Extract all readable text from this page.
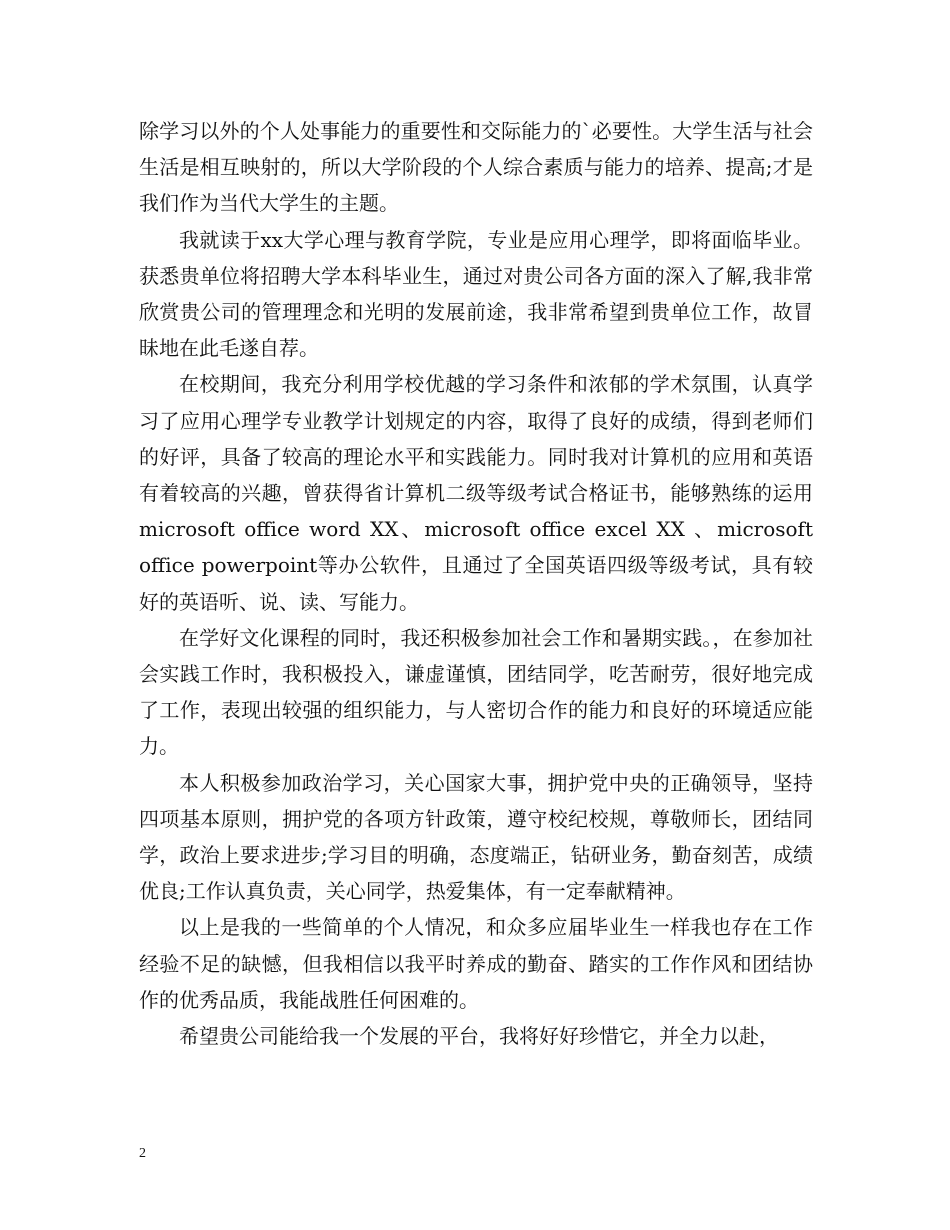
除学习以外的个人处事能力的重要性和交际能力的`必要性。大学生活与社会生活是相互映射的，所以大学阶段的个人综合素质与能力的培养、提高;才是我们作为当代大学生的主题。

我就读于xx大学心理与教育学院，专业是应用心理学，即将面临毕业。获悉贵单位将招聘大学本科毕业生，通过对贵公司各方面的深入了解,我非常欣赏贵公司的管理理念和光明的发展前途，我非常希望到贵单位工作，故冒昧地在此毛遂自荐。

在校期间，我充分利用学校优越的学习条件和浓郁的学术氛围，认真学习了应用心理学专业教学计划规定的内容，取得了良好的成绩，得到老师们的好评，具备了较高的理论水平和实践能力。同时我对计算机的应用和英语有着较高的兴趣，曾获得省计算机二级等级考试合格证书，能够熟练的运用microsoft office word XX、microsoft office excel XX 、microsoft office powerpoint等办公软件，且通过了全国英语四级等级考试，具有较好的英语听、说、读、写能力。

在学好文化课程的同时，我还积极参加社会工作和暑期实践。，在参加社会实践工作时，我积极投入，谦虚谨慎，团结同学，吃苦耐劳，很好地完成了工作，表现出较强的组织能力，与人密切合作的能力和良好的环境适应能力。

本人积极参加政治学习，关心国家大事，拥护党中央的正确领导，坚持四项基本原则，拥护党的各项方针政策，遵守校纪校规，尊敬师长，团结同学，政治上要求进步;学习目的明确，态度端正，钻研业务，勤奋刻苦，成绩优良;工作认真负责，关心同学，热爱集体，有一定奉献精神。

以上是我的一些简单的个人情况，和众多应届毕业生一样我也存在工作经验不足的缺憾，但我相信以我平时养成的勤奋、踏实的工作作风和团结协作的优秀品质，我能战胜任何困难的。

希望贵公司能给我一个发展的平台，我将好好珍惜它，并全力以赴，

2
